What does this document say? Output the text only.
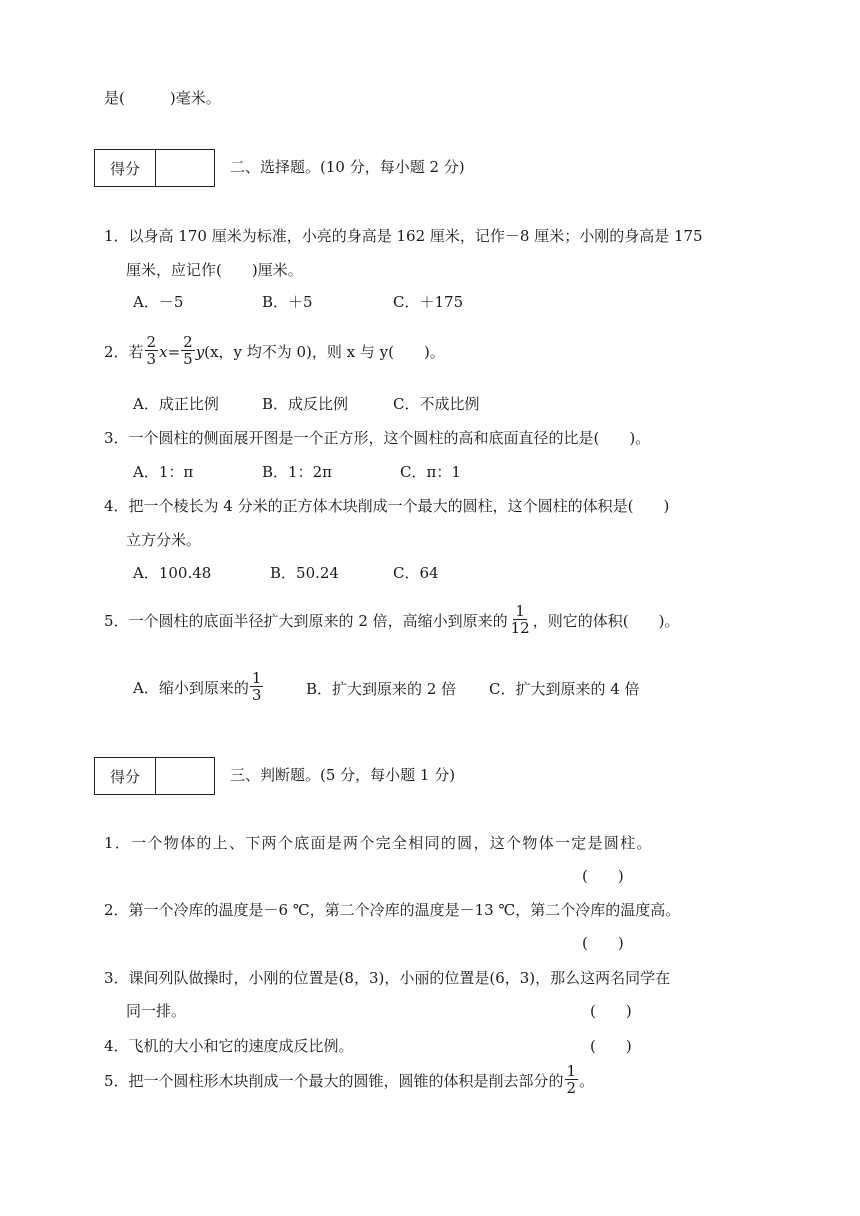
是(　　　)毫米。
得分	二、选择题。(10 分，每小题 2 分)
1．以身高 170 厘米为标准，小亮的身高是 162 厘米，记作－8 厘米；小刚的身高是 175
厘米，应记作(　　)厘米。
A．－5	B．＋5	C．＋175
2．若 $\frac{2}{3}$ $x = \frac{2}{5}$ y (x，y 均不为 0)，则 x 与 y(　　)。
A．成正比例	B．成反比例	C．不成比例
3．一个圆柱的侧面展开图是一个正方形，这个圆柱的高和底面直径的比是(　　)。
A．1：π	B．1：2π	C．π：1
4．把一个棱长为 4 分米的正方体木块削成一个最大的圆柱，这个圆柱的体积是(　　)
立方分米。
A．100.48	B．50.24	C．64
5．一个圆柱的底面半径扩大到原来的 2 倍，高缩小到原来的 $\frac{1}{12}$ ，则它的体积(　　)。
A．缩小到原来的 $\frac{1}{3}$	B．扩大到原来的 2 倍 C．扩大到原来的 4 倍
得分	三、判断题。(5 分，每小题 1 分)
1．一个物体的上、下两个底面是两个完全相同的圆，这个物体一定是圆柱。
(　　)
2．第一个冷库的温度是－6 ℃，第二个冷库的温度是－13 ℃，第二个冷库的温度高。
(　　)
3．课间列队做操时，小刚的位置是(8，3)，小丽的位置是(6，3)，那么这两名同学在
同一排。	(　　)
4．飞机的大小和它的速度成反比例。	(　　)
5．把一个圆柱形木块削成一个最大的圆锥，圆锥的体积是削去部分的 $\frac{1}{2}$ 。
